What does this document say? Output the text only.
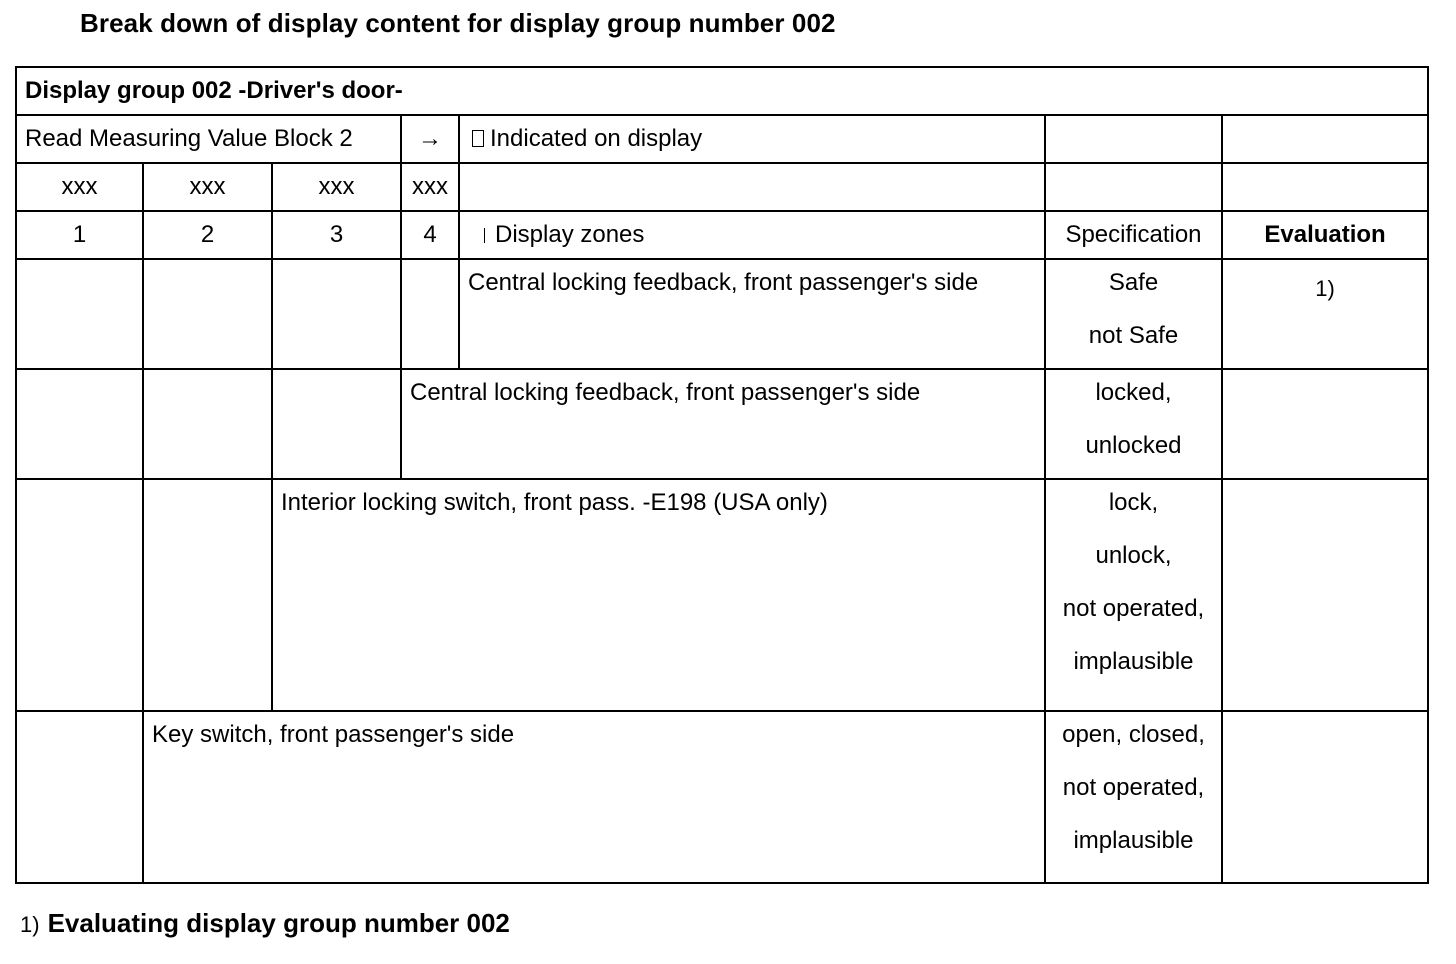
Break down of display content for display group number 002
Display group 002 -Driver's door-						
Read Measuring Value Block 2			→	Indicated on display		
xxx	xxx	xxx	xxx			
1	2	3	4	Display zones	Specification	Evaluation
				Central locking feedback, front passenger's side	Safe
not Safe	1)

			Central locking feedback, front passenger's side		locked,
unlocked	

		Interior locking switch, front pass. -E198 (USA only)			lock,
unlock,
not operated,
implausible	

	Key switch, front passenger's side				open, closed,
not operated,
implausible	

1) Evaluating display group number 002
